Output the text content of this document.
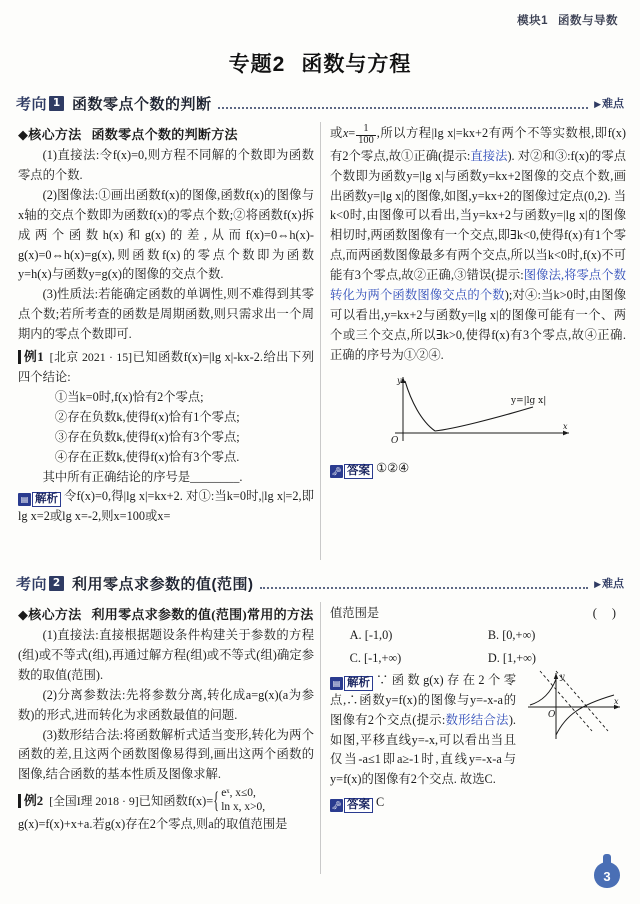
模块1 函数与导数
专题2 函数与方程
考向 1 函数零点个数的判断	▶难点

◆核心方法 函数零点个数的判断方法

(1)直接法:令f(x)=0,则方程不同解的个数即为函数零点的个数.

(2)图像法:①画出函数f(x)的图像,函数f(x)的图像与x轴的交点个数即为函数f(x)的零点个数;②将函数f(x)拆成两个函数h(x)和g(x)的差,从而f(x)=0⇔h(x)-g(x)=0⇔h(x)=g(x),则函数f(x)的零点个数即为函数y=h(x)与函数y=g(x)的图像的交点个数.

(3)性质法:若能确定函数的单调性,则不难得到其零点个数;若所考查的函数是周期函数,则只需求出一个周期内的零点个数即可.

例1 [北京 2021 · 15]已知函数f(x)=|lg x|-kx-2.给出下列四个结论:

①当k=0时,f(x)恰有2个零点;

②存在负数k,使得f(x)恰有1个零点;

③存在负数k,使得f(x)恰有3个零点;

④存在正数k,使得f(x)恰有3个零点.

其中所有正确结论的序号是________.

▤ 解析 令f(x)=0,得|lg x|=kx+2. 对①:当k=0时,|lg x|=2,即lg x=2或lg x=-2,则x=100或x=

或$x= \frac{1}{100}$ ,所以方程|lg x|=kx+2有两个不等实数根,即f(x)有2个零点,故①正确(提示:直接法). 对②和③:f(x)的零点个数即为函数y=|lg x|与函数y=kx+2图像的交点个数,画出函数y=|lg x|的图像,如图,y=kx+2的图像过定点(0,2). 当k<0时,由图像可以看出,当y=kx+2与函数y=|lg x|的图像相切时,两函数图像有一个交点,即∃k<0,使得f(x)有1个零点,而两函数图像最多有两个交点,所以当k<0时,f(x)不可能有3个零点,故②正确,③错误(提示:图像法,将零点个数转化为两个函数图像交点的个数);对④:当k>0时,由图像可以看出,y=kx+2与函数y=|lg x|的图像可能有一个、两个或三个交点,所以∃k>0,使得f(x)有3个零点,故④正确. 正确的序号为①②④.

O
y
x
y=|lg x|

🗝 答案 ①②④

考向 2 利用零点求参数的值(范围)	▶难点

◆核心方法 利用零点求参数的值(范围)常用的方法

(1)直接法:直接根据题设条件构建关于参数的方程(组)或不等式(组),再通过解方程(组)或不等式(组)确定参数的取值(范围).

(2)分离参数法:先将参数分离,转化成a=g(x)(a为参数)的形式,进而转化为求函数最值的问题.

(3)数形结合法:将函数解析式适当变形,转化为两个函数的差,且这两个函数图像易得到,画出这两个函数的图像,结合函数的基本性质及图像求解.

例2 [全国I理 2018 · 9]已知函数f(x)={ eˣ, x≤0,
ln x, x>0,

g(x)=f(x)+x+a.若g(x)存在2个零点,则a的取值范围是

值范围是	( )

A. [-1,0)	B. [0,+∞)
C. [-1,+∞)	D. [1,+∞)
O
y
x

▤ 解析 ∵函数g(x)存在2个零点,∴函数y=f(x)的图像与y=-x-a的图像有2个交点(提示:数形结合法). 如图,平移直线y=-x,可以看出当且仅当-a≤1即a≥-1时,直线y=-x-a与y=f(x)的图像有2个交点. 故选C.

🗝 答案 C

3
